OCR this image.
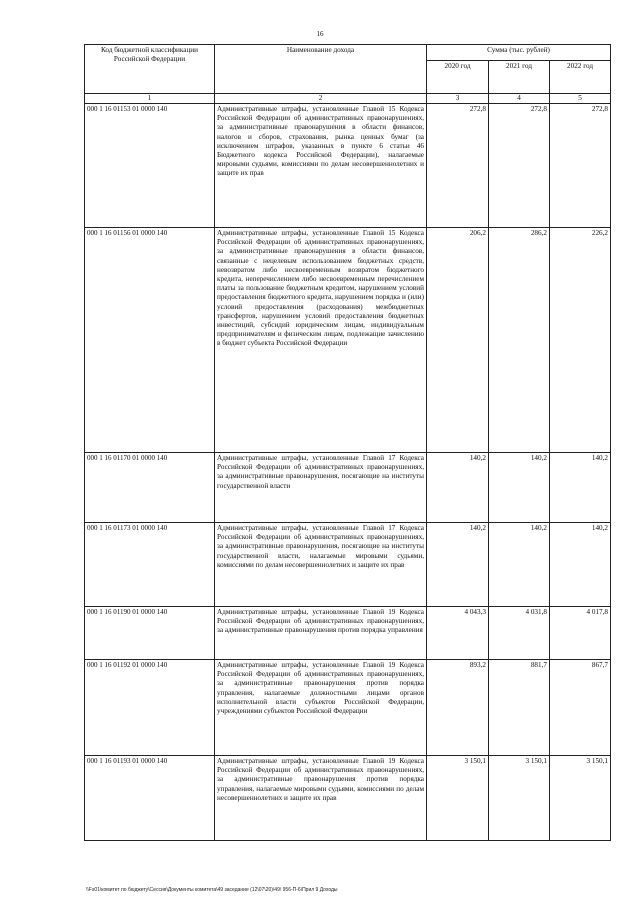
16
Код бюджетной классификации Российской Федерации	Наименование дохода	Сумма (тыс. рублей)		
		2020 год	2021 год	2022 год
1	2	3	4	5
000 1 16 01153 01 0000 140	Административные штрафы, установленные Главой 15 Кодекса Российской Федерации об административных правонарушениях, за административные правонарушения в области финансов, налогов и сборов, страхования, рынка ценных бумаг (за исключением штрафов, указанных в пункте 6 статьи 46 Бюджетного кодекса Российской Федерации), налагаемые мировыми судьями, комиссиями по делам несовершеннолетних и защите их прав	272,8	272,8	272,8
000 1 16 01156 01 0000 140	Административные штрафы, установленные Главой 15 Кодекса Российской Федерации об административных правонарушениях, за административные правонарушения в области финансов, связанные с нецелевым использованием бюджетных средств, невозвратом либо несвоевременным возвратом бюджетного кредита, неперечислением либо несвоевременным перечислением платы за пользование бюджетным кредитом, нарушением условий предоставления бюджетного кредита, нарушением порядка и (или) условий предоставления (расходования) межбюджетных трансфертов, нарушением условий предоставления бюджетных инвестиций, субсидий юридическим лицам, индивидуальным предпринимателям и физическим лицам, подлежащие зачислению в бюджет субъекта Российской Федерации	206,2	286,2	226,2
000 1 16 01170 01 0000 140	Административные штрафы, установленные Главой 17 Кодекса Российской Федерации об административных правонарушениях, за административные правонарушения, посягающие на институты государственной власти	140,2	140,2	140,2
000 1 16 01173 01 0000 140	Административные штрафы, установленные Главой 17 Кодекса Российской Федерации об административных правонарушениях, за административные правонарушения, посягающие на институты государственной власти, налагаемые мировыми судьями, комиссиями по делам несовершеннолетних и защите их прав	140,2	140,2	140,2
000 1 16 01190 01 0000 140	Административные штрафы, установленные Главой 19 Кодекса Российской Федерации об административных правонарушениях, за административные правонарушения против порядка управления	4 043,3	4 031,8	4 017,8
000 1 16 01192 01 0000 140	Административные штрафы, установленные Главой 19 Кодекса Российской Федерации об административных правонарушениях, за административные правонарушения против порядка управления, налагаемые должностными лицами органов исполнительной власти субъектов Российской Федерации, учреждениями субъектов Российской Федерации	893,2	881,7	867,7
000 1 16 01193 01 0000 140	Административные штрафы, установленные Главой 19 Кодекса Российской Федерации об административных правонарушениях, за административные правонарушения против порядка управления, налагаемые мировыми судьями, комиссиями по делам несовершеннолетних и защите их прав	3 150,1	3 150,1	3 150,1
\\Fs01\комитет по бюджету\Сессия\Документы комитета\49 заседание (12\07\20)\49\ 956-П-6\Прил 9 Доходы
